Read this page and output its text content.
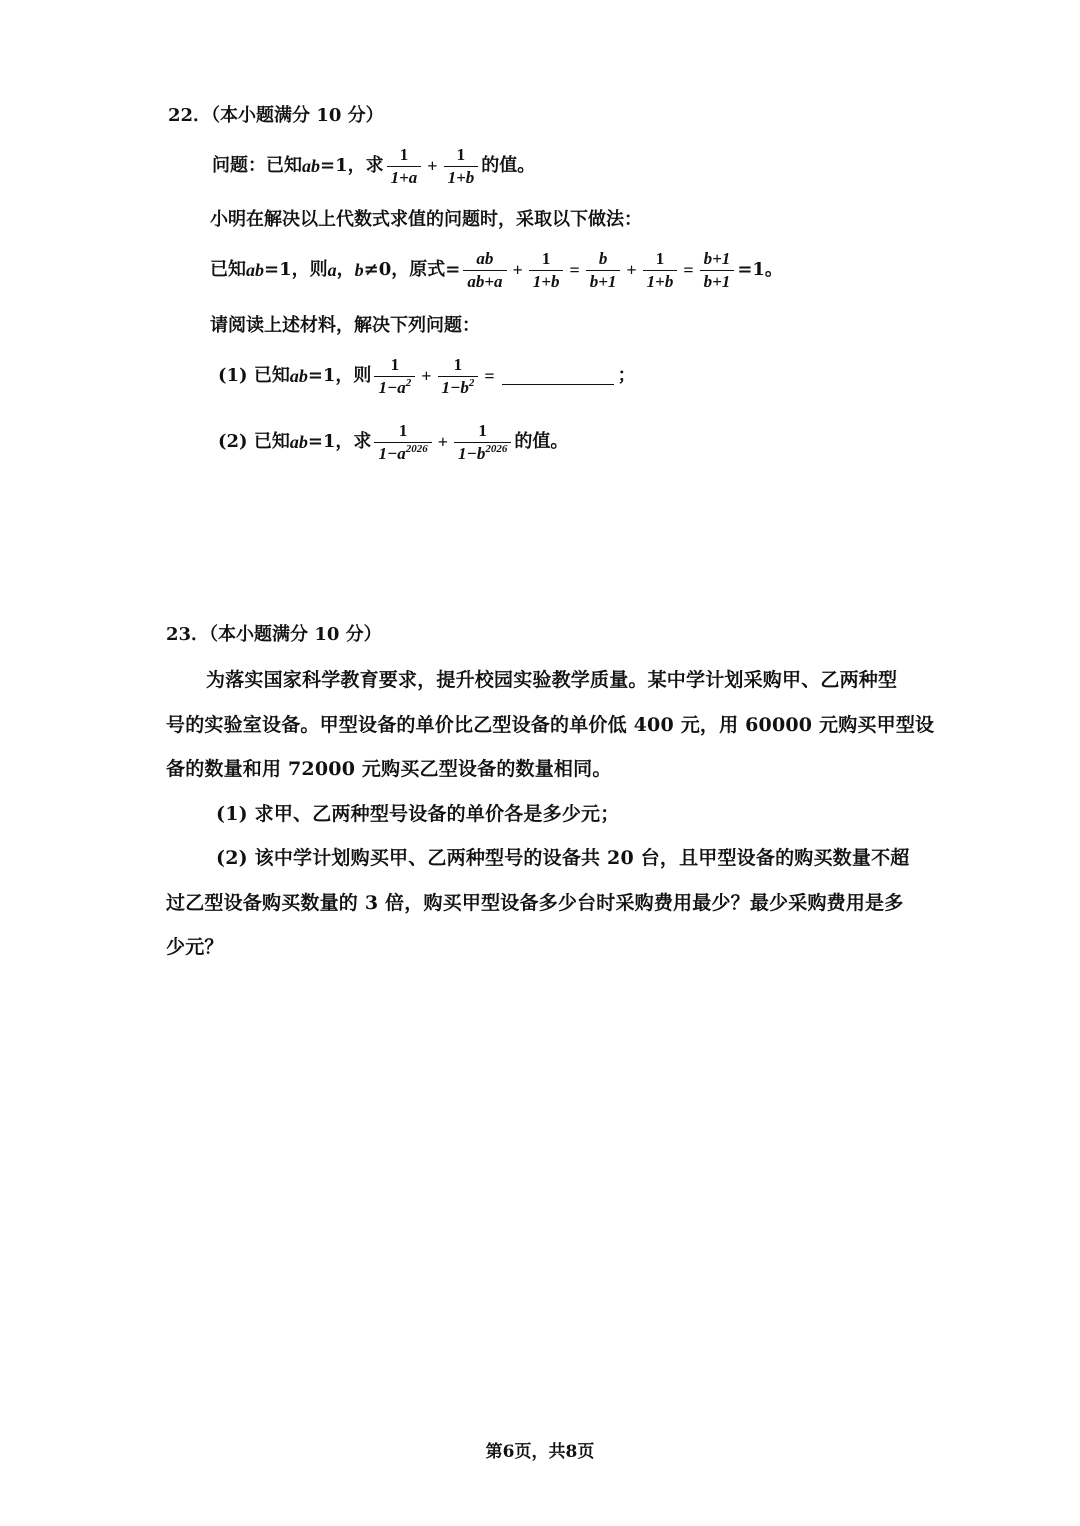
22．（本小题满分 10 分）
问题：已知 ab =1，求 $\frac{1}{1+a} + \frac{1}{1+b}$ 的值。
小明在解决以上代数式求值的问题时，采取以下做法：
已知 ab =1，则 a ， b ≠0，原式= $\frac{ab}{ab+a} + \frac{1}{1+b} = \frac{b}{b+1} + \frac{1}{1+b} = \frac{b+1}{b+1} =1$。
请阅读上述材料，解决下列问题：
(1) 已知 ab =1，则 $\frac{1}{1-a^2} + \frac{1}{1-b^2}$ =	；
(2) 已知 ab =1，求 $\frac{1}{1-a^{2026}} + \frac{1}{1-b^{2026}}$ 的值。
23．（本小题满分 10 分）
为落实国家科学教育要求，提升校园实验教学质量。某中学计划采购甲、乙两种型
号的实验室设备。甲型设备的单价比乙型设备的单价低 400 元，用 60000 元购买甲型设
备的数量和用 72000 元购买乙型设备的数量相同。
(1) 求甲、乙两种型号设备的单价各是多少元；
(2) 该中学计划购买甲、乙两种型号的设备共 20 台，且甲型设备的购买数量不超
过乙型设备购买数量的 3 倍，购买甲型设备多少台时采购费用最少？最少采购费用是多
少元？
第6页，共8页
